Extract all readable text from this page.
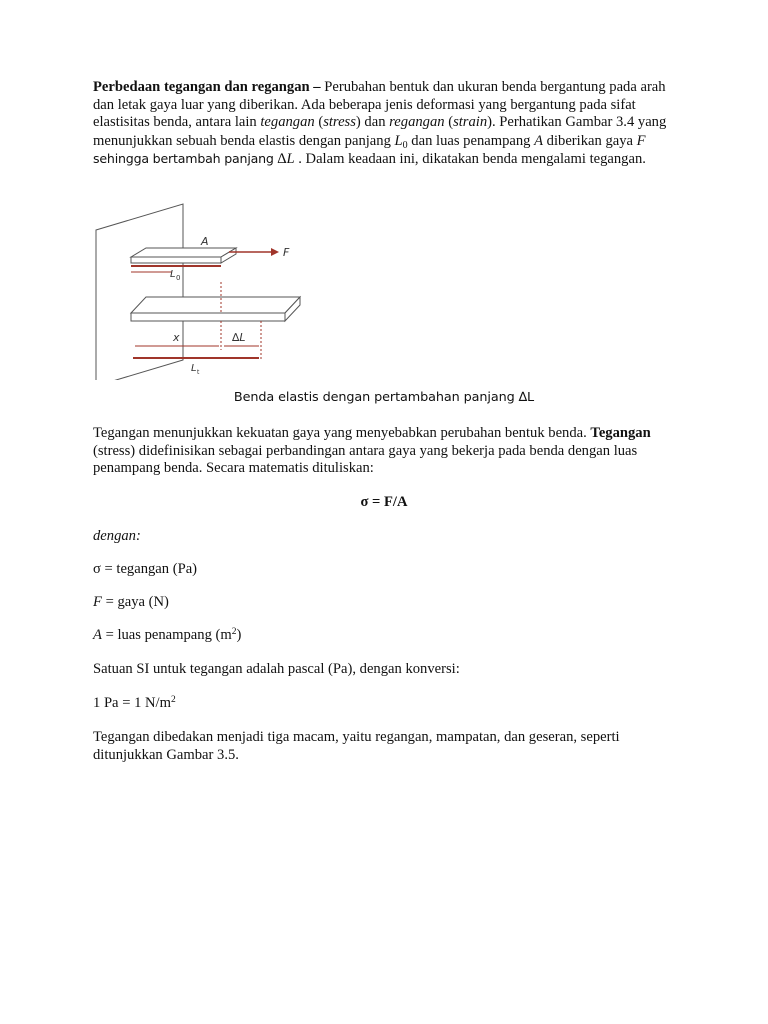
Perbedaan tegangan dan regangan – Perubahan bentuk dan ukuran benda bergantung pada arah dan letak gaya luar yang diberikan. Ada beberapa jenis deformasi yang bergantung pada sifat elastisitas benda, antara lain tegangan (stress) dan regangan (strain). Perhatikan Gambar 3.4 yang menunjukkan sebuah benda elastis dengan panjang $L_0$ dan luas penampang A diberikan gaya F sehingga bertambah panjang ∆L . Dalam keadaan ini, dikatakan benda mengalami tegangan.
A
F
L 0
x	∆L
L t
Benda elastis dengan pertambahan panjang ∆L
Tegangan menunjukkan kekuatan gaya yang menyebabkan perubahan bentuk benda. Tegangan (stress) didefinisikan sebagai perbandingan antara gaya yang bekerja pada benda dengan luas penampang benda. Secara matematis dituliskan:
σ = F/A
dengan:
σ = tegangan (Pa)
F = gaya (N)
A = luas penampang $(m^2)$
Satuan SI untuk tegangan adalah pascal (Pa), dengan konversi:
1 Pa = 1 $N/m^2$
Tegangan dibedakan menjadi tiga macam, yaitu regangan, mampatan, dan geseran, seperti ditunjukkan Gambar 3.5.
